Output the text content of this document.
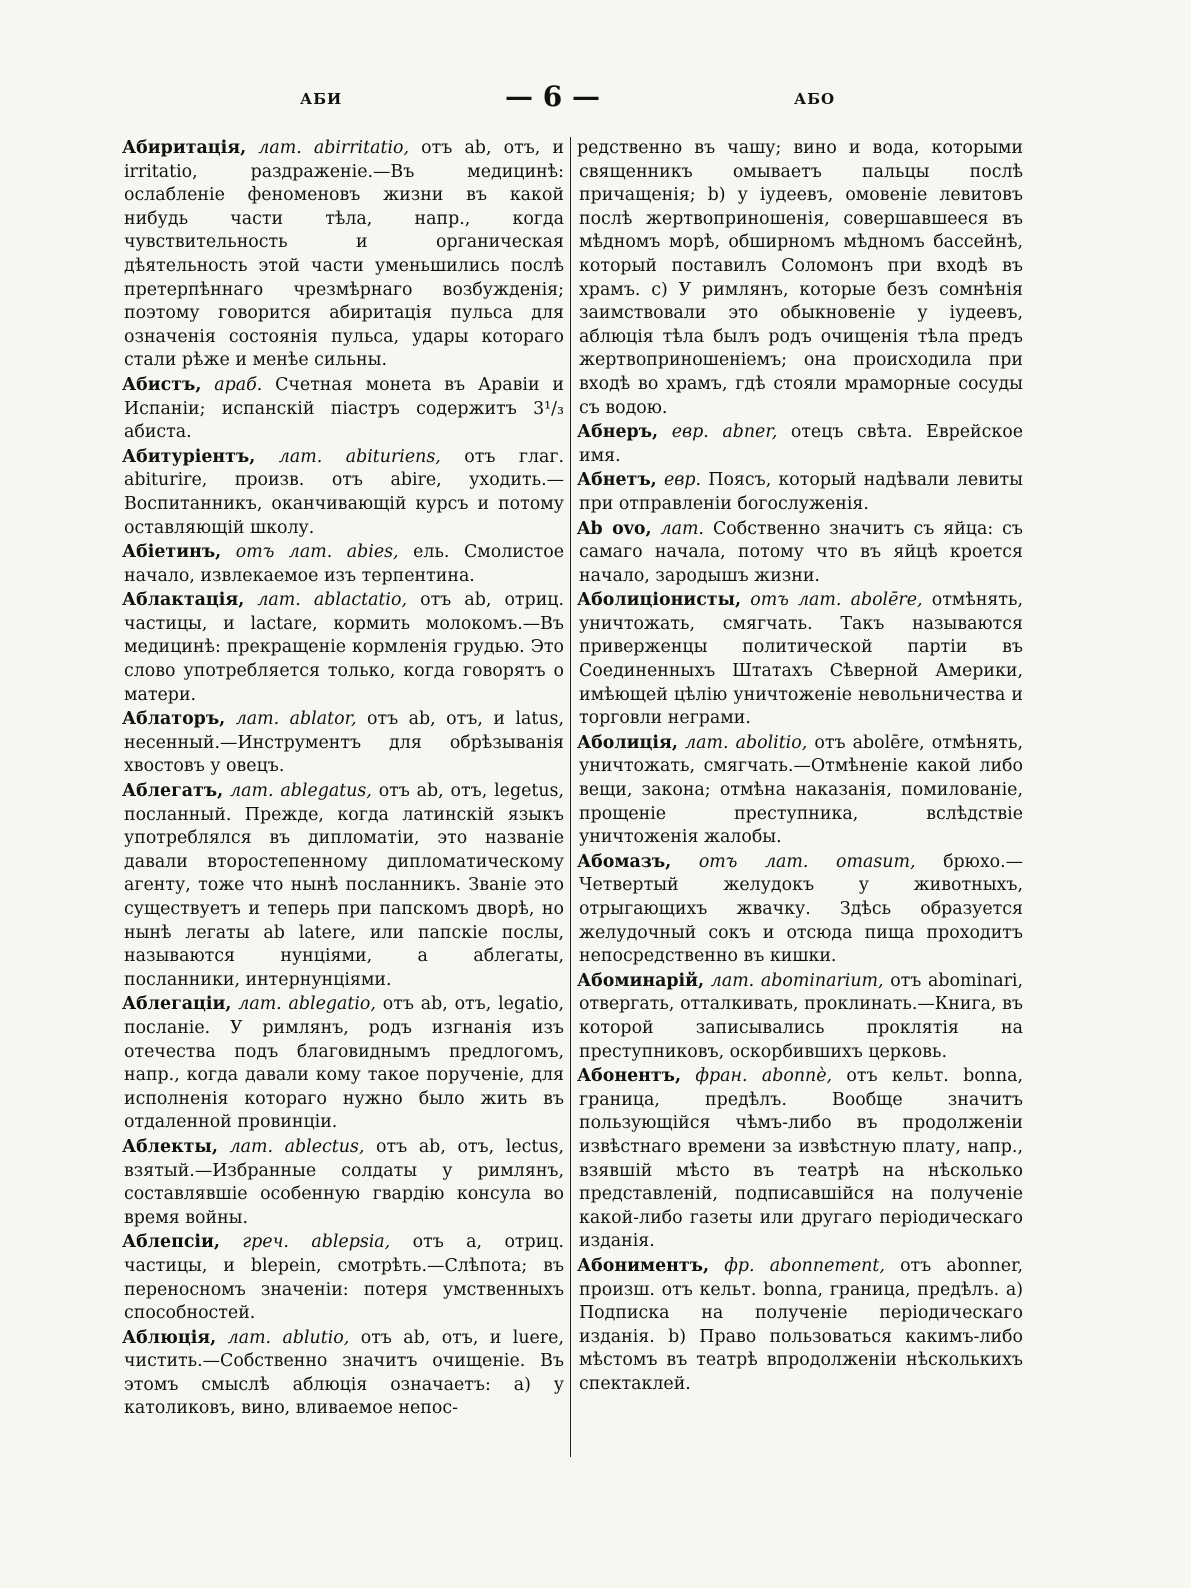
АБИ	— 6 —	АБО

Абиритація, лат. abirritatio, отъ ab, отъ, и irritatio, раздраженіе.—Въ медицинѣ: ослабленіе феноменовъ жизни въ какой нибудь части тѣла, напр., когда чувствительность и органическая дѣятельность этой части уменьшились послѣ претерпѣннаго чрезмѣрнаго возбужденія; поэтому говорится абиритація пульса для означенія состоянія пульса, удары котораго стали рѣже и менѣе сильны.

Абистъ, араб. Счетная монета въ Аравіи и Испаніи; испанскій піастръ содержитъ 3¹/₃ абиста.

Абитуріентъ, лат. abituriens, отъ глаг. abiturire, произв. отъ abire, уходить.—Воспитанникъ, оканчивающій курсъ и потому оставляющій школу.

Абіетинъ, отъ лат. abies, ель. Смолистое начало, извлекаемое изъ терпентина.

Аблактація, лат. ablactatio, отъ ab, отриц. частицы, и lactare, кормить молокомъ.—Въ медицинѣ: прекращеніе кормленія грудью. Это слово употребляется только, когда говорятъ о матери.

Аблаторъ, лат. ablator, отъ ab, отъ, и latus, несенный.—Инструментъ для обрѣзыванія хвостовъ у овецъ.

Аблегатъ, лат. ablegatus, отъ ab, отъ, legetus, посланный. Прежде, когда латинскій языкъ употреблялся въ дипломатіи, это названіе давали второстепенному дипломатическому агенту, тоже что нынѣ посланникъ. Званіе это существуетъ и теперь при папскомъ дворѣ, но нынѣ легаты ab latere, или папскіе послы, называются нунціями, а аблегаты, посланники, интернунціями.

Аблегаціи, лат. ablegatio, отъ ab, отъ, legatio, посланіе. У римлянъ, родъ изгнанія изъ отечества подъ благовиднымъ предлогомъ, напр., когда давали кому такое порученіе, для исполненія котораго нужно было жить въ отдаленной провинціи.

Аблекты, лат. ablectus, отъ ab, отъ, lectus, взятый.—Избранные солдаты у римлянъ, составлявшіе особенную гвардію консула во время войны.

Аблепсіи, греч. ablepsia, отъ а, отриц. частицы, и blepein, смотрѣть.—Слѣпота; въ переносномъ значеніи: потеря умственныхъ способностей.

Аблюція, лат. ablutio, отъ ab, отъ, и luere, чистить.—Собственно значитъ очищеніе. Въ этомъ смыслѣ аблюція означаетъ: а) у католиковъ, вино, вливаемое непос-

редственно въ чашу; вино и вода, которыми священникъ омываетъ пальцы послѣ причащенія; b) у іудеевъ, омовеніе левитовъ послѣ жертвоприношенія, совершавшееся въ мѣдномъ морѣ, обширномъ мѣдномъ бассейнѣ, который поставилъ Соломонъ при входѣ въ храмъ. с) У римлянъ, которые безъ сомнѣнія заимствовали это обыкновеніе у іудеевъ, аблюція тѣла былъ родъ очищенія тѣла предъ жертвоприношеніемъ; она происходила при входѣ во храмъ, гдѣ стояли мраморные сосуды съ водою.

Абнеръ, евр. abner, отецъ свѣта. Еврейское имя.

Абнетъ, евр. Поясъ, который надѣвали левиты при отправленіи богослуженія.

Ab ovo, лат. Собственно значитъ съ яйца: съ самаго начала, потому что въ яйцѣ кроется начало, зародышъ жизни.

Аболиціонисты, отъ лат. abolēre, отмѣнять, уничтожать, смягчать. Такъ называются приверженцы политической партіи въ Соединенныхъ Штатахъ Сѣверной Америки, имѣющей цѣлію уничтоженіе невольничества и торговли неграми.

Аболиція, лат. abolitio, отъ abolēre, отмѣнять, уничтожать, смягчать.—Отмѣненіе какой либо вещи, закона; отмѣна наказанія, помилованіе, прощеніе преступника, вслѣдствіе уничтоженія жалобы.

Абомазъ, отъ лат. omasum, брюхо.—Четвертый желудокъ у животныхъ, отрыгающихъ жвачку. Здѣсь образуется желудочный сокъ и отсюда пища проходитъ непосредственно въ кишки.

Абоминарій, лат. abominarium, отъ abominari, отвергать, отталкивать, проклинать.—Книга, въ которой записывались проклятія на преступниковъ, оскорбившихъ церковь.

Абонентъ, фран. abonnè, отъ кельт. bonna, граница, предѣлъ. Вообще значитъ пользующійся чѣмъ-либо въ продолженіи извѣстнаго времени за извѣстную плату, напр., взявшій мѣсто въ театрѣ на нѣсколько представленій, подписавшійся на полученіе какой-либо газеты или другаго періодическаго изданія.

Абониментъ, фр. abonnement, отъ abonner, произш. отъ кельт. bonna, граница, предѣлъ. а) Подписка на полученіе періодическаго изданія. b) Право пользоваться какимъ-либо мѣстомъ въ театрѣ впродолженіи нѣсколькихъ спектаклей.
